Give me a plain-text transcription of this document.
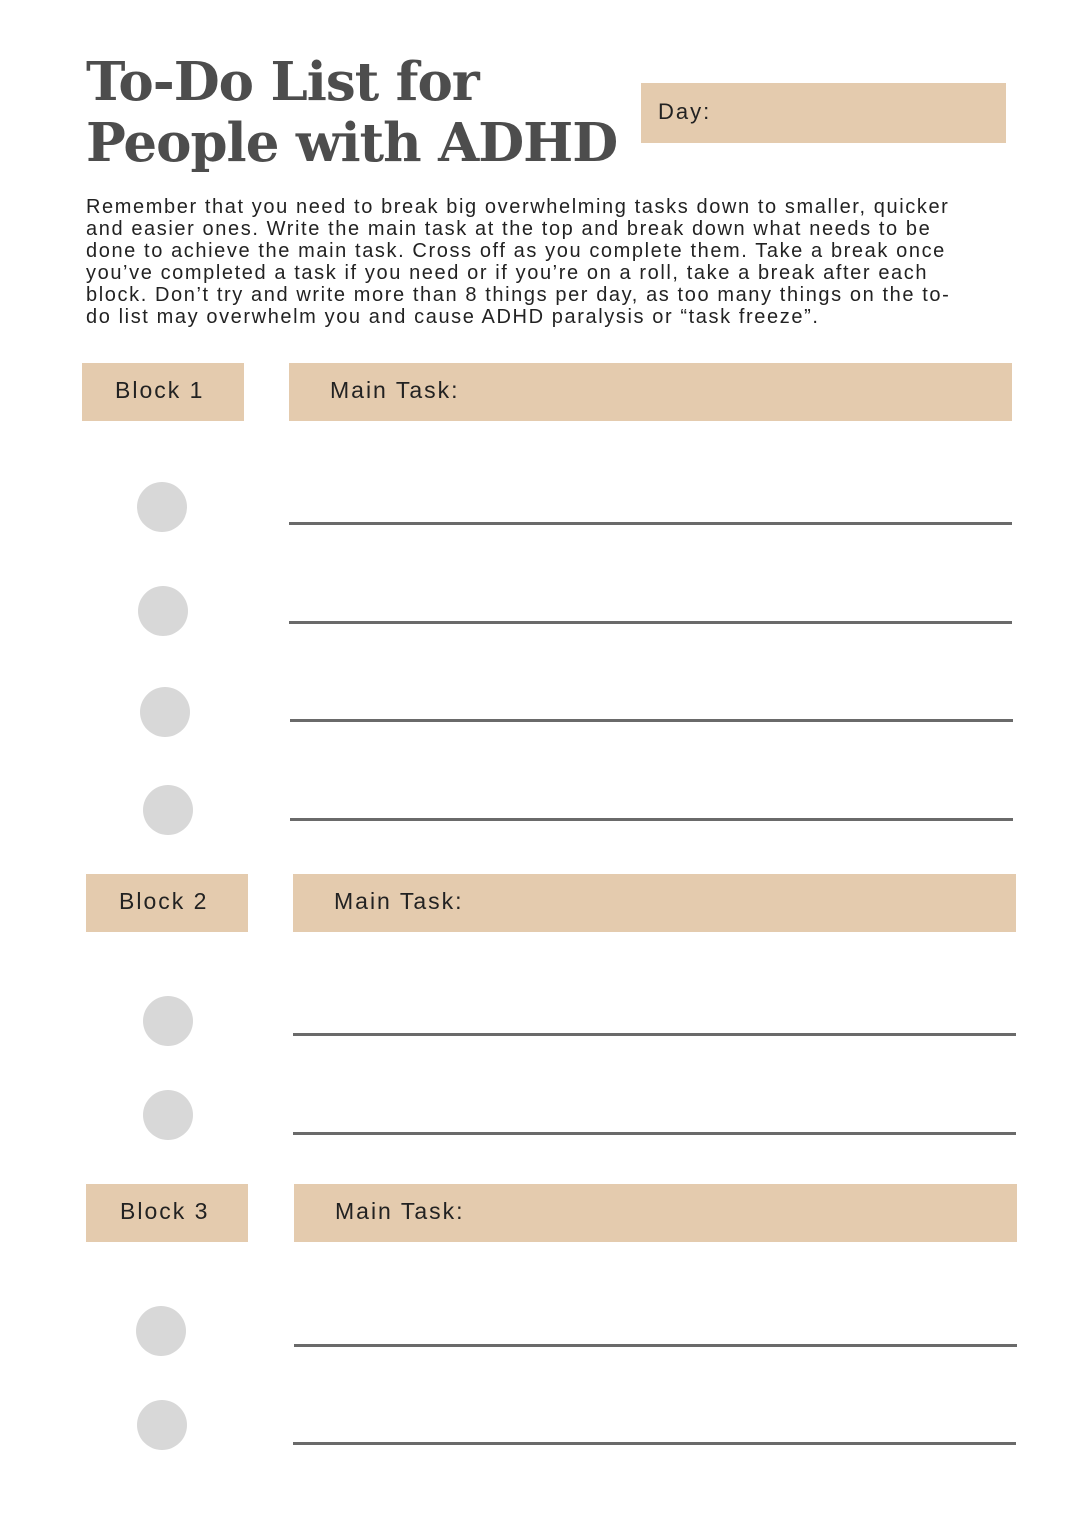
To-Do List for
People with ADHD
Day:
Remember that you need to break big overwhelming tasks down to smaller, quicker
and easier ones. Write the main task at the top and break down what needs to be
done to achieve the main task. Cross off as you complete them. Take a break once
you’ve completed a task if you need or if you’re on a roll, take a break after each
block. Don’t try and write more than 8 things per day, as too many things on the to-
do list may overwhelm you and cause ADHD paralysis or “task freeze”.
Block 1	Main Task:
Block 2	Main Task:
Block 3	Main Task:
